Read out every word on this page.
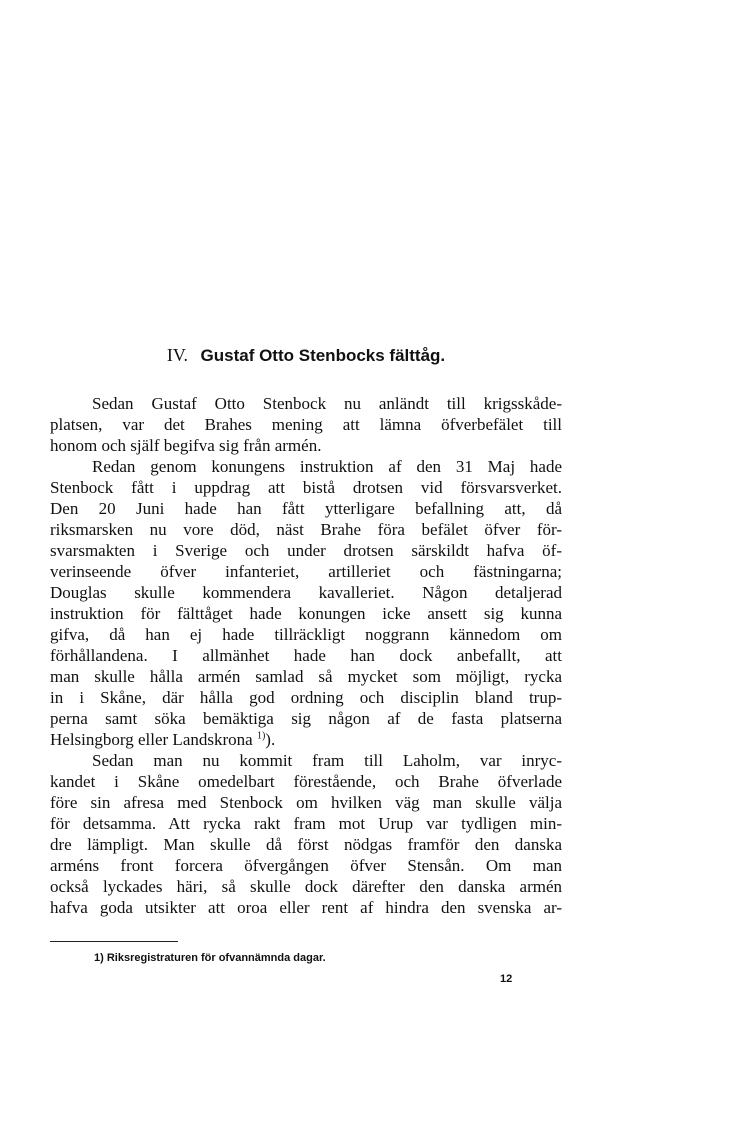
IV. Gustaf Otto Stenbocks fälttåg.
Sedan Gustaf Otto Stenbock nu anländt till krigsskåde-
platsen, var det Brahes mening att lämna öfverbefälet till
honom och själf begifva sig från armén.
Redan genom konungens instruktion af den 31 Maj hade
Stenbock fått i uppdrag att bistå drotsen vid försvarsverket.
Den 20 Juni hade han fått ytterligare befallning att, då
riksmarsken nu vore död, näst Brahe föra befälet öfver för-
svarsmakten i Sverige och under drotsen särskildt hafva öf-
verinseende öfver infanteriet, artilleriet och fästningarna;
Douglas skulle kommendera kavalleriet. Någon detaljerad
instruktion för fälttåget hade konungen icke ansett sig kunna
gifva, då han ej hade tillräckligt noggrann kännedom om
förhållandena. I allmänhet hade han dock anbefallt, att
man skulle hålla armén samlad så mycket som möjligt, rycka
in i Skåne, där hålla god ordning och disciplin bland trup-
perna samt söka bemäktiga sig någon af de fasta platserna
Helsingborg eller Landskrona $^{1)}$).
Sedan man nu kommit fram till Laholm, var inryc-
kandet i Skåne omedelbart förestående, och Brahe öfverlade
före sin afresa med Stenbock om hvilken väg man skulle välja
för detsamma. Att rycka rakt fram mot Urup var tydligen min-
dre lämpligt. Man skulle då först nödgas framför den danska
arméns front forcera öfvergången öfver Stensån. Om man
också lyckades häri, så skulle dock därefter den danska armén
hafva goda utsikter att oroa eller rent af hindra den svenska ar-
1) Riksregistraturen för ofvannämnda dagar.
12
